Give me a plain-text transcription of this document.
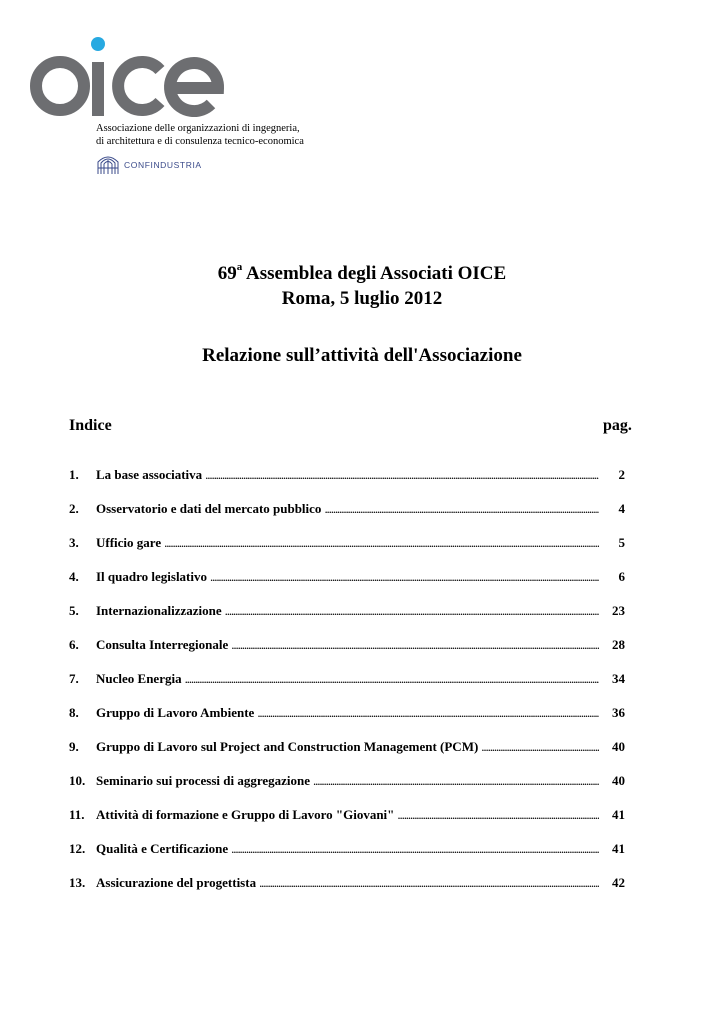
Associazione delle organizzazioni di ingegneria,
di architettura e di consulenza tecnico-economica
CONFINDUSTRIA
69$^a$ Assemblea degli Associati OICE
Roma, 5 luglio 2012
Relazione sull’attività dell'Associazione
Indice	pag.
1.	La base associativa . . .	2
2.	Osservatorio e dati del mercato pubblico . . .	4
3.	Ufficio gare . . .	5
4.	Il quadro legislativo . . .	6
5.	Internazionalizzazione . . .	23
6.	Consulta Interregionale . . .	28
7.	Nucleo Energia . . .	34
8.	Gruppo di Lavoro Ambiente . . .	36
9.	Gruppo di Lavoro sul Project and Construction Management (PCM) . . .	40
10. Seminario sui processi di aggregazione . . .	40
11. Attività di formazione e Gruppo di Lavoro "Giovani" . . .	41
12. Qualità e Certificazione . . .	41
13. Assicurazione del progettista . . .	42
